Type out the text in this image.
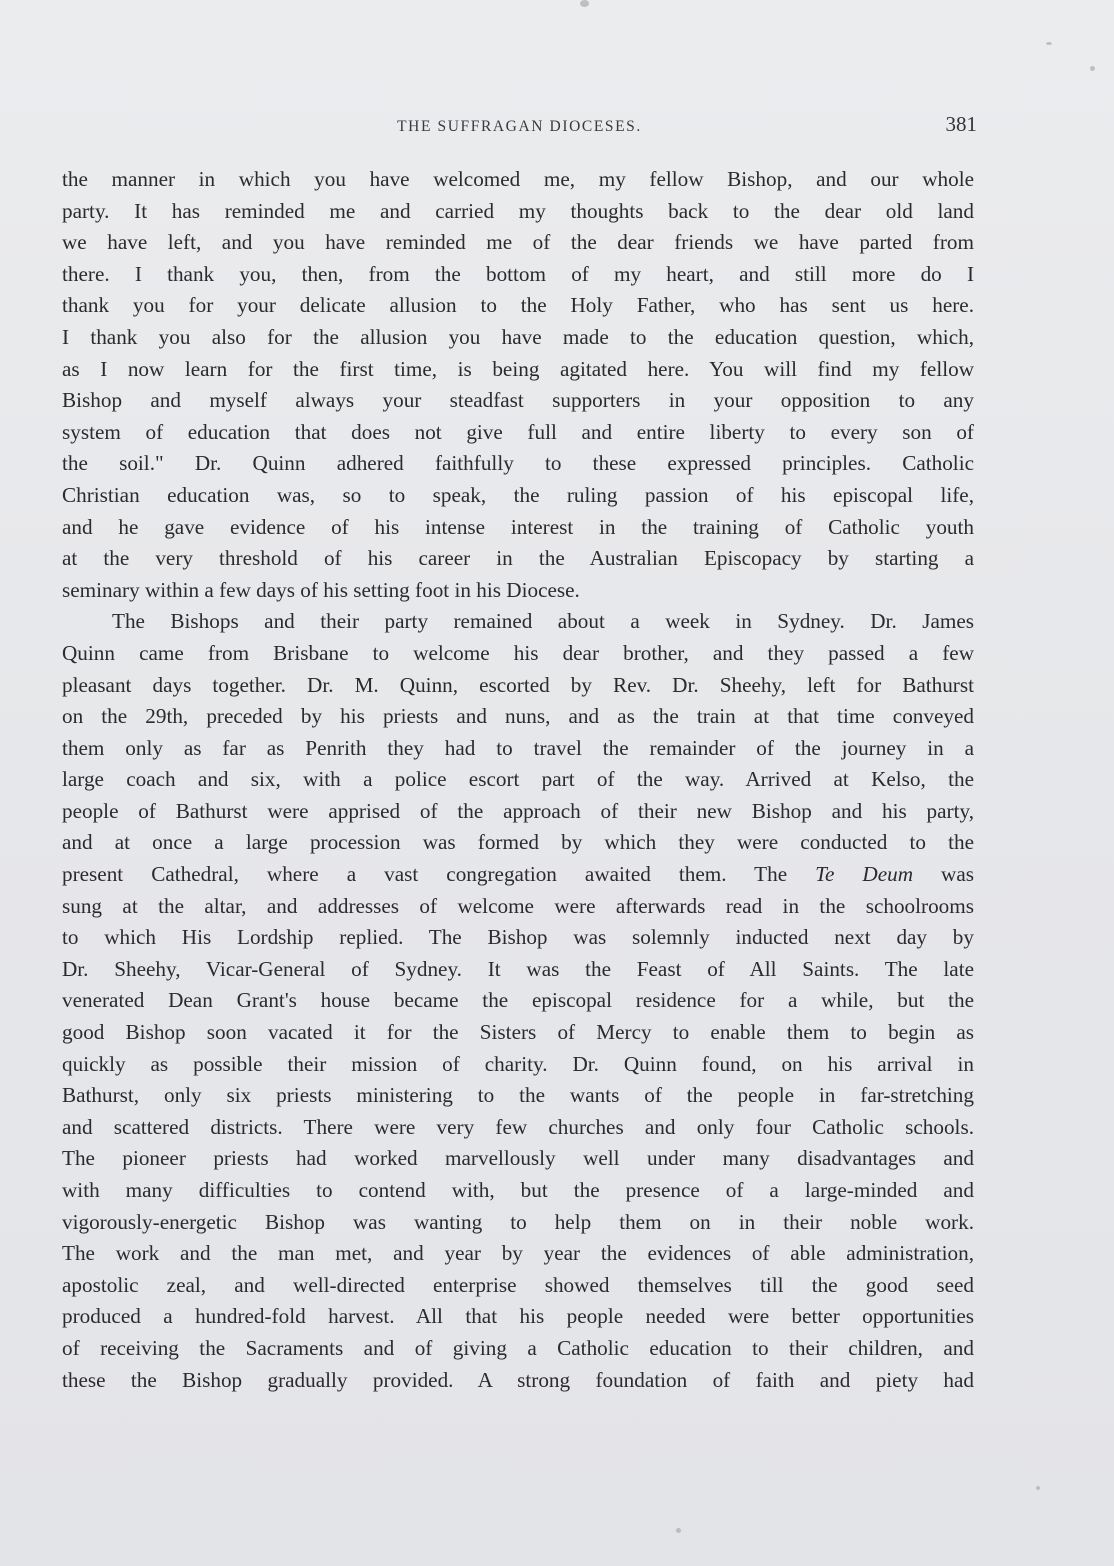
THE SUFFRAGAN DIOCESES.	381
the manner in which you have welcomed me, my fellow Bishop, and our whole
party. It has reminded me and carried my thoughts back to the dear old land
we have left, and you have reminded me of the dear friends we have parted from
there. I thank you, then, from the bottom of my heart, and still more do I
thank you for your delicate allusion to the Holy Father, who has sent us here.
I thank you also for the allusion you have made to the education question, which,
as I now learn for the first time, is being agitated here. You will find my fellow
Bishop and myself always your steadfast supporters in your opposition to any
system of education that does not give full and entire liberty to every son of
the soil." Dr. Quinn adhered faithfully to these expressed principles. Catholic
Christian education was, so to speak, the ruling passion of his episcopal life,
and he gave evidence of his intense interest in the training of Catholic youth
at the very threshold of his career in the Australian Episcopacy by starting a
seminary within a few days of his setting foot in his Diocese.
The Bishops and their party remained about a week in Sydney. Dr. James
Quinn came from Brisbane to welcome his dear brother, and they passed a few
pleasant days together. Dr. M. Quinn, escorted by Rev. Dr. Sheehy, left for Bathurst
on the 29th, preceded by his priests and nuns, and as the train at that time conveyed
them only as far as Penrith they had to travel the remainder of the journey in a
large coach and six, with a police escort part of the way. Arrived at Kelso, the
people of Bathurst were apprised of the approach of their new Bishop and his party,
and at once a large procession was formed by which they were conducted to the
present Cathedral, where a vast congregation awaited them. The Te Deum was
sung at the altar, and addresses of welcome were afterwards read in the schoolrooms
to which His Lordship replied. The Bishop was solemnly inducted next day by
Dr. Sheehy, Vicar-General of Sydney. It was the Feast of All Saints. The late
venerated Dean Grant's house became the episcopal residence for a while, but the
good Bishop soon vacated it for the Sisters of Mercy to enable them to begin as
quickly as possible their mission of charity. Dr. Quinn found, on his arrival in
Bathurst, only six priests ministering to the wants of the people in far-stretching
and scattered districts. There were very few churches and only four Catholic schools.
The pioneer priests had worked marvellously well under many disadvantages and
with many difficulties to contend with, but the presence of a large-minded and
vigorously-energetic Bishop was wanting to help them on in their noble work.
The work and the man met, and year by year the evidences of able administration,
apostolic zeal, and well-directed enterprise showed themselves till the good seed
produced a hundred-fold harvest. All that his people needed were better opportunities
of receiving the Sacraments and of giving a Catholic education to their children, and
these the Bishop gradually provided. A strong foundation of faith and piety had
